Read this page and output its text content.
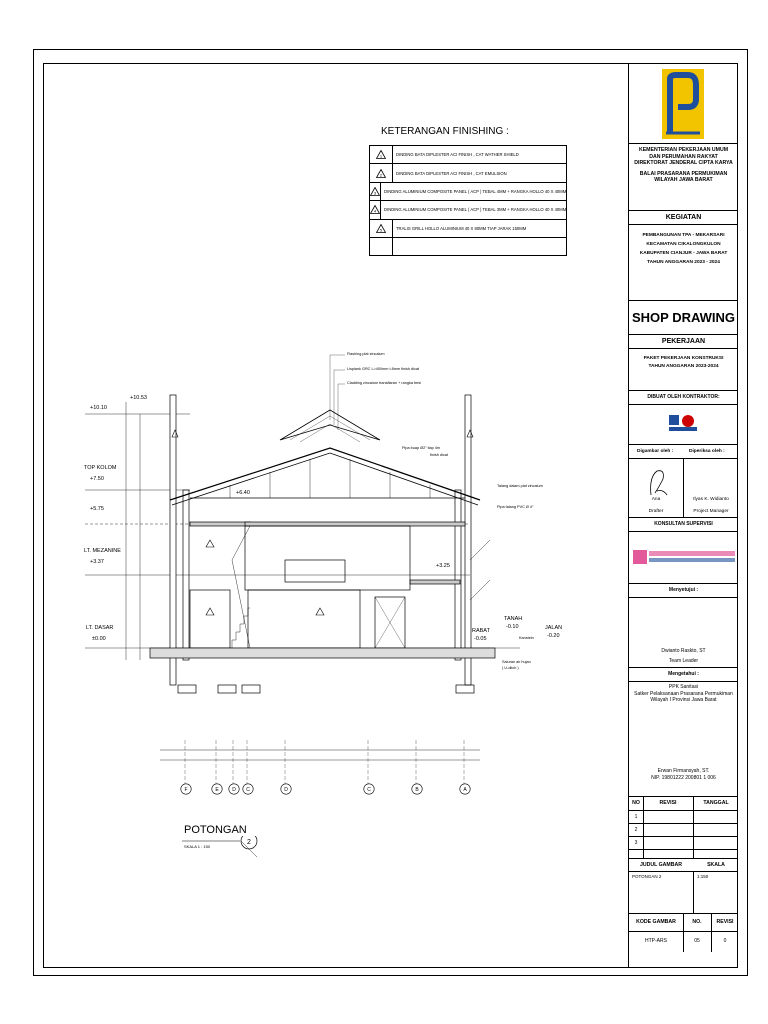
KETERANGAN FINISHING :
1	DINDING BATA DIPLESTER ACI FINISH , CAT WATHER SHIELD
2	DINDING BATA DIPLESTER ACI FINISH , CAT EMULSION
3	DINDING ALUMINIUM COMPOSITE PANEL ( ACP ) TEBAL 4MM + RANGKA HOLLO 40 X 40MM
4	DINDING ALUMINIUM COMPOSITE PANEL ( ACP ) TEBAL 3MM + RANGKA HOLLO 40 X 40MM
5	TRALIS GRILL HOLLO ALUMINIUM 40 X 80MM TIAP JARAK 150MM
+10.53
+10.10
TOP KOLOM
+7.50
+6.40
+5.75
LT. MEZANINE
+3.37
+3.25
LT. DASAR
±0.00
RABAT
-0.05
TANAH
-0.10	JALAN
-0.20
Flashing plat zincalum
Lisplank GRC L=400mm t.8mm finish dicat
Cladding zincalum transflaran + rangka besi
Pipa buap Ø2" tiap 4m
finish dicat
Talang dalam plat zincalum
Pipa talang PVC Ø 4"
Kanstein
Saluran air hujan
( U-ditch )
F	E	D C	D	C	B	A
POTONGAN
2
SKALA 1 : 150
KEMENTERIAN PEKERJAAN UMUM
DAN PERUMAHAN RAKYAT
DIREKTORAT JENDERAL CIPTA KARYA
BALAI PRASARANA PERMUKIMAN
WILAYAH JAWA BARAT
KEGIATAN
PEMBANGUNAN TPA - MEKARSARI
KECAMATAN CIKALONGKULON
KABUPATEN CIANJUR - JAWA BARAT
TAHUN ANGGARAN 2023 - 2024
SHOP DRAWING
PEKERJAAN
PAKET PEKERJAAN KONSTRUKSI
TAHUN ANGGARAN 2023-2024
DIBUAT OLEH KONTRAKTOR:
Digambar oleh :	Diperiksa oleh :
Ana
Drafter
Ilyas K. Widianto
Project Manager
KONSULTAN SUPERVISI
Menyetujui :
Dwianto Raskto, ST
Team Leader
Mengetahui :
PPK Sanitasi
Satker Pelaksanaan Prasarana Permukiman
Wilayah I Provinsi Jawa Barat
Erwan Firmansyah, ST.
NIP. 19801222 200801 1 006
NO	REVISI	TANGGAL
1
2
3
JUDUL GAMBAR	SKALA
POTONGAN 2	1:150
KODE GAMBAR	NO.	REVISI
HTP-ARS	05	0
